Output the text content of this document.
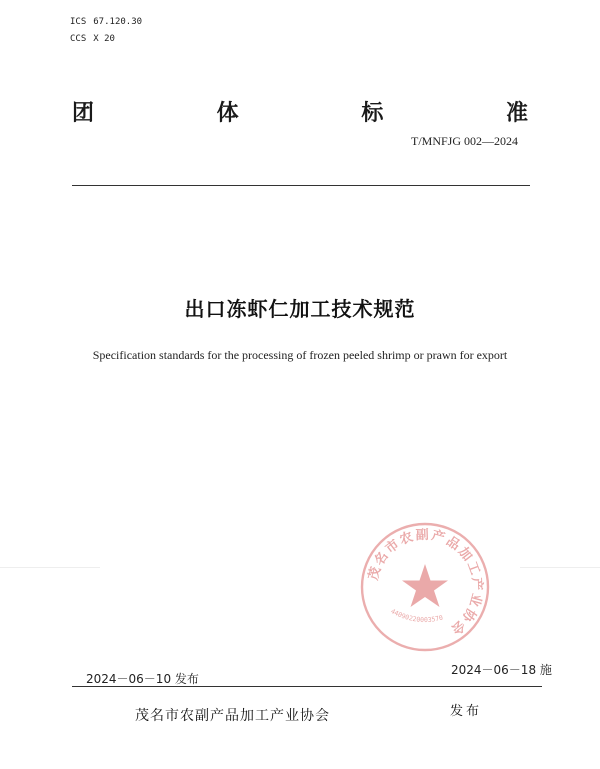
ICS 67.120.30
CCS X 20
团	体	标	准
T/MNFJG 002—2024
出口冻虾仁加工技术规范
Specification standards for the processing of frozen peeled shrimp or prawn for export
茂名市农副产品加工产业协会
44090220003570
2024－06－10 发布
2024－06－18 施
茂名市农副产品加工产业协会	发布
